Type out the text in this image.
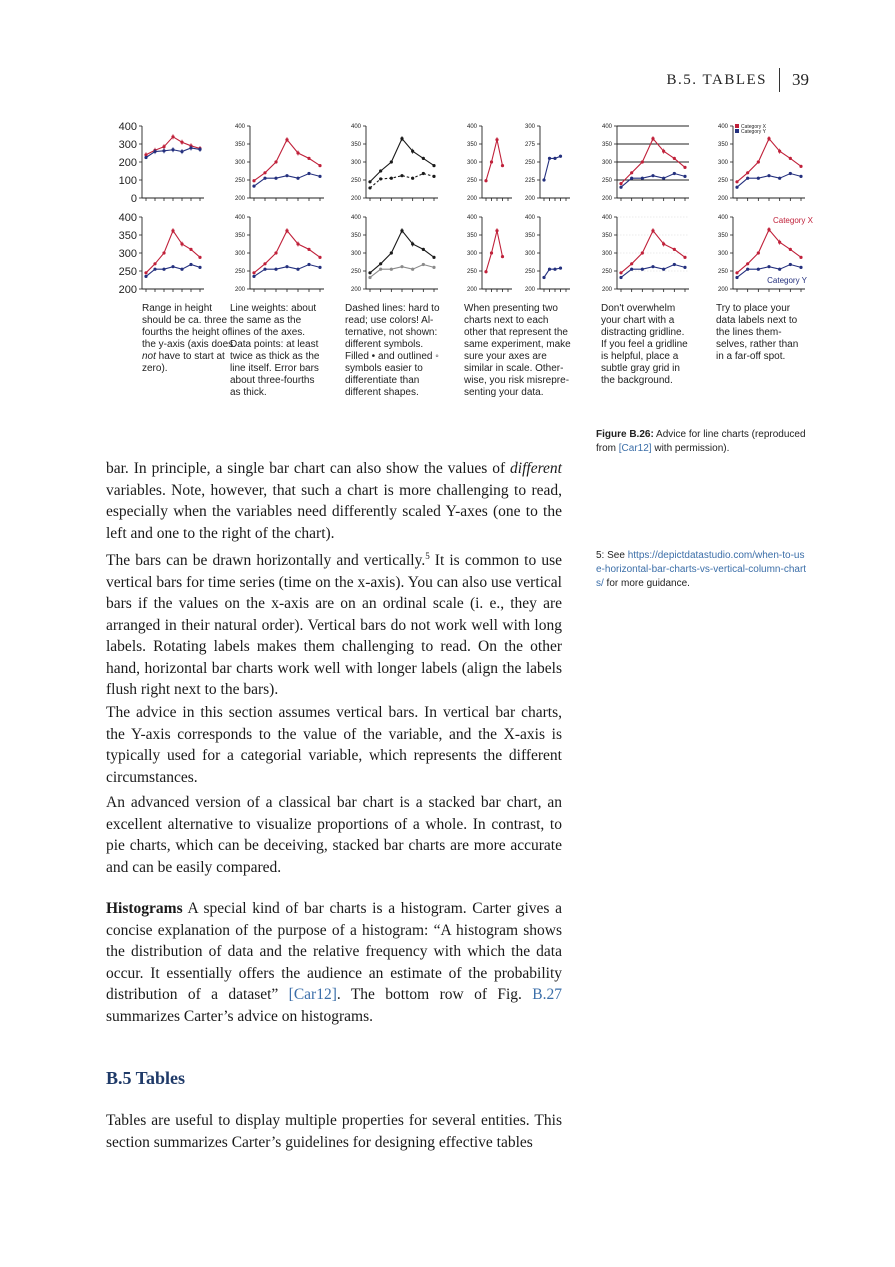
B.5. TABLES 39
0
100
200
300
400
200
250
300
350
400
200
250
300
350
400
200
250
300
350
400
200
225
250
275
300
200
250
300
350
400
200
250
300
350
400	Category X
Category Y
200
250
300
350
400
200
250
300
350
400
200
250
300
350
400
200
250
300
350
400
200
250
300
350
400
200
250
300
350
400
200
250
300
350
400	Category X
Category Y
Range in height
should be ca. three
fourths the height of
the y-axis (axis does
not have to start at
zero).
Line weights: about
the same as the
lines of the axes.
Data points: at least
twice as thick as the
line itself. Error bars
about three-fourths
as thick.
Dashed lines: hard to
read; use colors! Al-
ternative, not shown:
different symbols.
Filled • and outlined ◦
symbols easier to
differentiate than
different shapes.
When presenting two
charts next to each
other that represent the
same experiment, make
sure your axes are
similar in scale. Other-
wise, you risk misrepre-
senting your data.
Don't overwhelm
your chart with a
distracting gridline.
If you feel a gridline
is helpful, place a
subtle gray grid in
the background.
Try to place your
data labels next to
the lines them-
selves, rather than
in a far-off spot.
Figure B.26: Advice for line charts (reproduced from [Car12] with permission).

bar. In principle, a single bar chart can also show the values of different variables. Note, however, that such a chart is more challenging to read, especially when the variables need differently scaled Y-axes (one to the left and one to the right of the chart).

The bars can be drawn horizontally and vertically.$^5$ It is common to use vertical bars for time series (time on the x-axis). You can also use vertical bars if the values on the x-axis are on an ordinal scale (i. e., they are arranged in their natural order). Vertical bars do not work well with long labels. Rotating labels makes them challenging to read. On the other hand, horizontal bar charts work well with longer labels (align the labels flush right next to the bars).

The advice in this section assumes vertical bars. In vertical bar charts, the Y-axis corresponds to the value of the variable, and the X-axis is typically used for a categorial variable, which represents the different circumstances.

An advanced version of a classical bar chart is a stacked bar chart, an excellent alternative to visualize proportions of a whole. In contrast, to pie charts, which can be deceiving, stacked bar charts are more accurate and can be easily compared.

Histograms A special kind of bar charts is a histogram. Carter gives a concise explanation of the purpose of a histogram: “A histogram shows the distribution of data and the relative frequency with which the data occur. It essentially offers the audience an estimate of the probability distribution of a dataset” [Car12]. The bottom row of Fig. B.27 summarizes Carter’s advice on histograms.

B.5 Tables

Tables are useful to display multiple properties for several entities. This section summarizes Carter’s guidelines for designing effective tables

5: See https://depictdatastudio.com/when-to-use-horizontal-bar-charts-vs-vertical-column-charts/ for more guidance.
